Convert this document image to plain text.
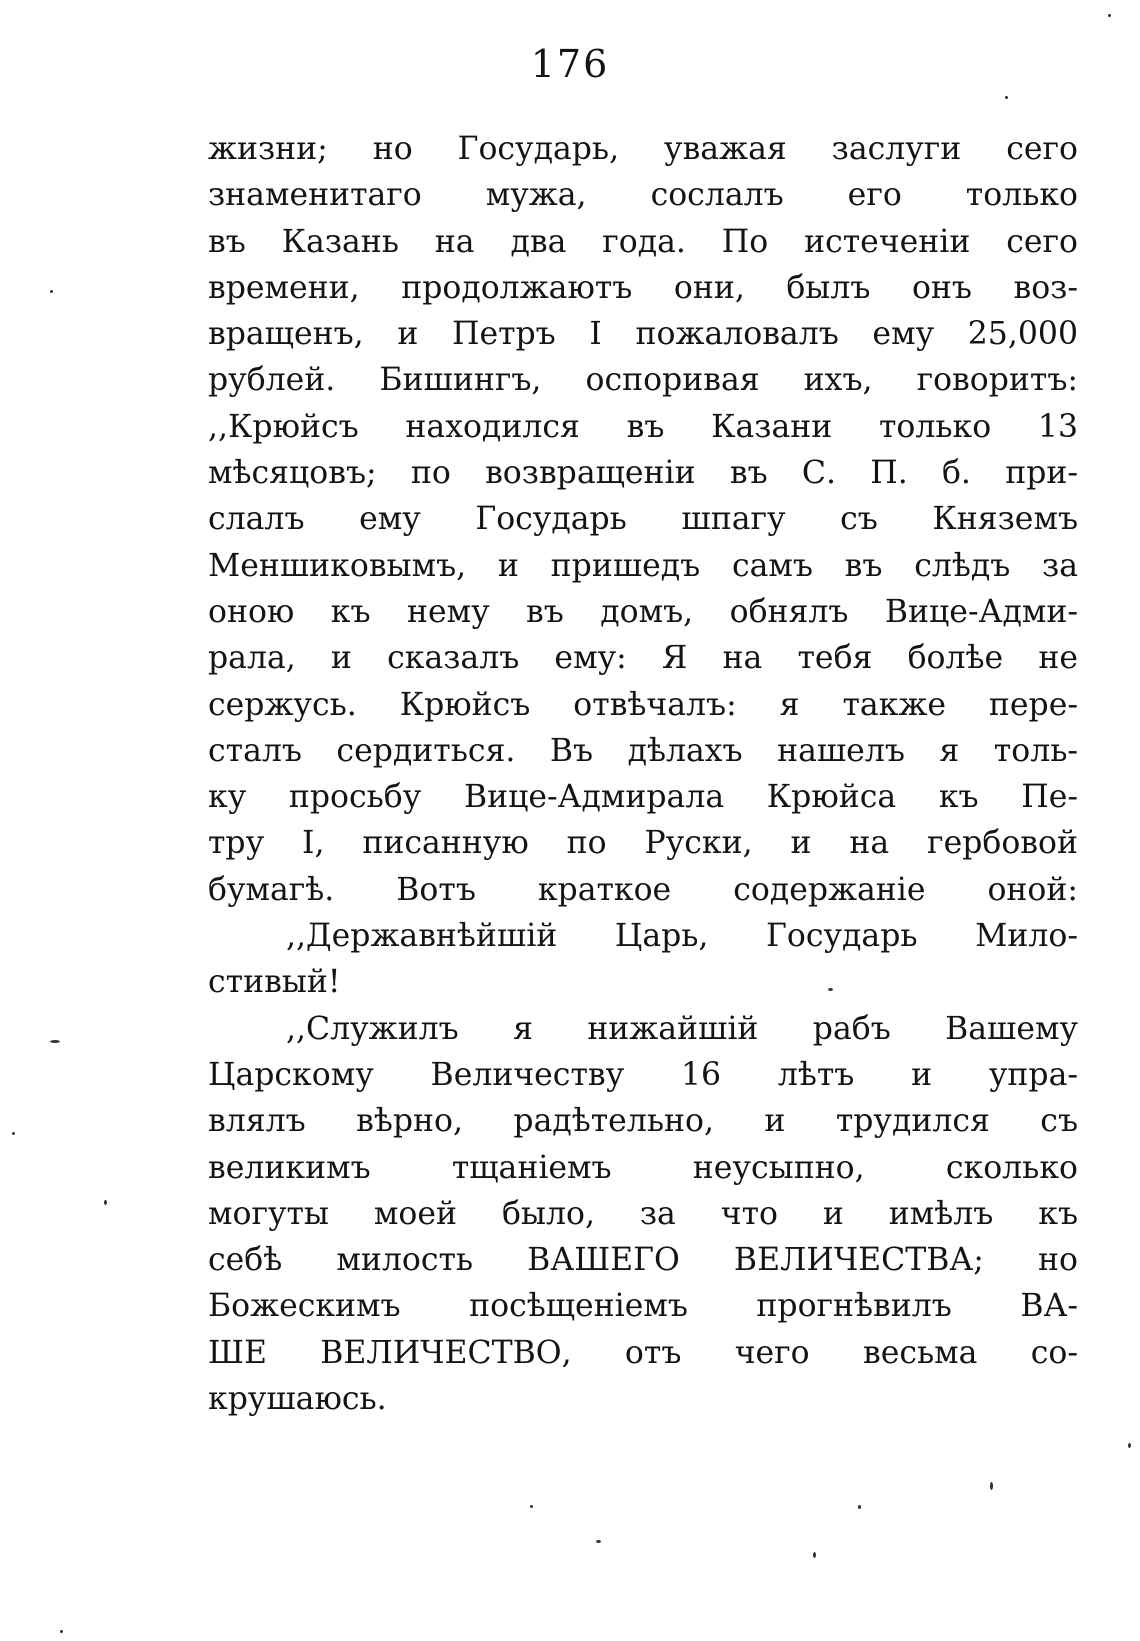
176
жизни; но Государь, уважая заслуги сего
знаменитаго мужа, сослалъ его только
въ Казань на два года. По истеченіи сего
времени, продолжаютъ они, былъ онъ воз-
вращенъ, и Петръ I пожаловалъ ему 25,000
рублей. Бишингъ, оспоривая ихъ, говоритъ:
,,Крюйсъ находился въ Казани только 13
мѣсяцовъ; по возвращеніи въ С. П. б. при-
слалъ ему Государь шпагу съ Княземъ
Меншиковымъ, и пришедъ самъ въ слѣдъ за
оною къ нему въ домъ, обнялъ Вице-Адми-
рала, и сказалъ ему: Я на тебя болѣе не
сержусь. Крюйсъ отвѣчалъ: я также пере-
сталъ сердиться. Въ дѣлахъ нашелъ я толь-
ку просьбу Вице-Адмирала Крюйса къ Пе-
тру I, писанную по Руски, и на гербовой
бумагѣ. Вотъ краткое содержаніе оной:
,,Державнѣйшій Царь, Государь Мило-
стивый!
,,Служилъ я нижайшій рабъ Вашему
Царскому Величеству 16 лѣтъ и упра-
влялъ вѣрно, радѣтельно, и трудился съ
великимъ тщаніемъ неусыпно, сколько
могуты моей было, за что и имѣлъ къ
себѣ милость ВАШЕГО ВЕЛИЧЕСТВА; но
Божескимъ посѣщеніемъ прогнѣвилъ ВА-
ШЕ ВЕЛИЧЕСТВО, отъ чего весьма со-
крушаюсь.
